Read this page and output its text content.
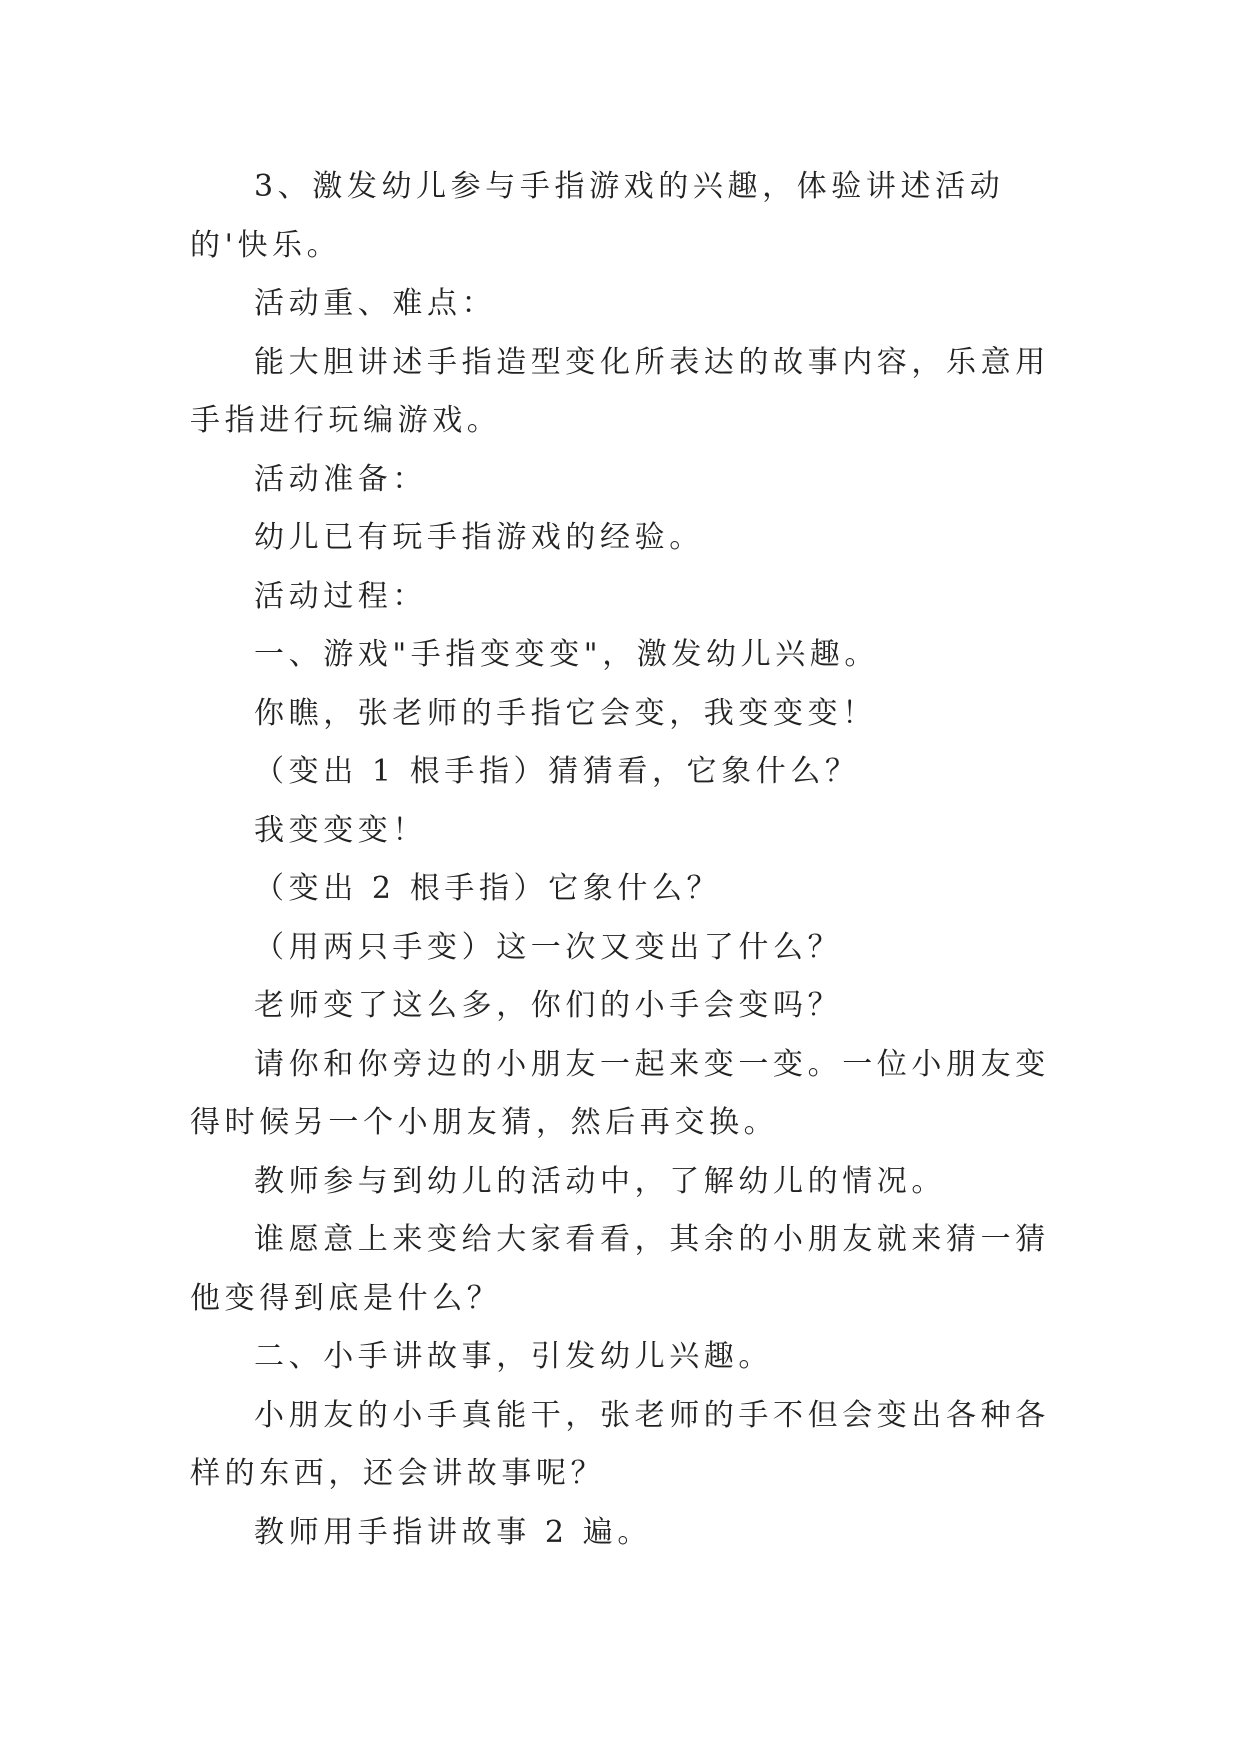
3、激发幼儿参与手指游戏的兴趣，体验讲述活动的'快乐。

活动重、难点：

能大胆讲述手指造型变化所表达的故事内容，乐意用手指进行玩编游戏。

活动准备：

幼儿已有玩手指游戏的经验。

活动过程：

一、游戏"手指变变变"，激发幼儿兴趣。

你瞧，张老师的手指它会变，我变变变！

（变出 1 根手指）猜猜看，它象什么？

我变变变！

（变出 2 根手指）它象什么？

（用两只手变）这一次又变出了什么？

老师变了这么多，你们的小手会变吗？

请你和你旁边的小朋友一起来变一变。一位小朋友变得时候另一个小朋友猜，然后再交换。

教师参与到幼儿的活动中，了解幼儿的情况。

谁愿意上来变给大家看看，其余的小朋友就来猜一猜他变得到底是什么？

二、小手讲故事，引发幼儿兴趣。

小朋友的小手真能干，张老师的手不但会变出各种各样的东西，还会讲故事呢？

教师用手指讲故事 2 遍。
